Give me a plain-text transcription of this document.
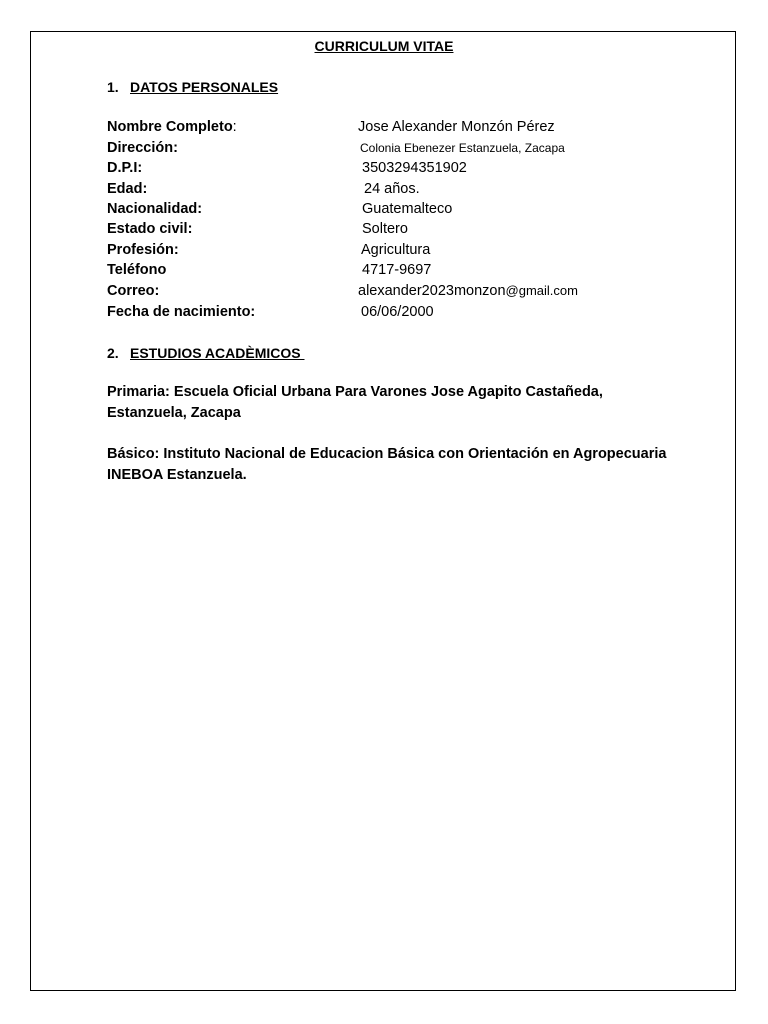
CURRICULUM VITAE
1. DATOS PERSONALES
Nombre Completo:	Jose Alexander Monzón Pérez
Dirección:	Colonia Ebenezer Estanzuela, Zacapa
D.P.I:	3503294351902
Edad:	24 años.
Nacionalidad:	Guatemalteco
Estado civil:	Soltero
Profesión:	Agricultura
Teléfono	4717-9697
Correo:	alexander2023monzon@gmail.com
Fecha de nacimiento:	06/06/2000
2. ESTUDIOS ACADÈMICOS
Primaria: Escuela Oficial Urbana Para Varones Jose Agapito Castañeda, Estanzuela, Zacapa
Básico: Instituto Nacional de Educacion Básica con Orientación en Agropecuaria INEBOA Estanzuela.
